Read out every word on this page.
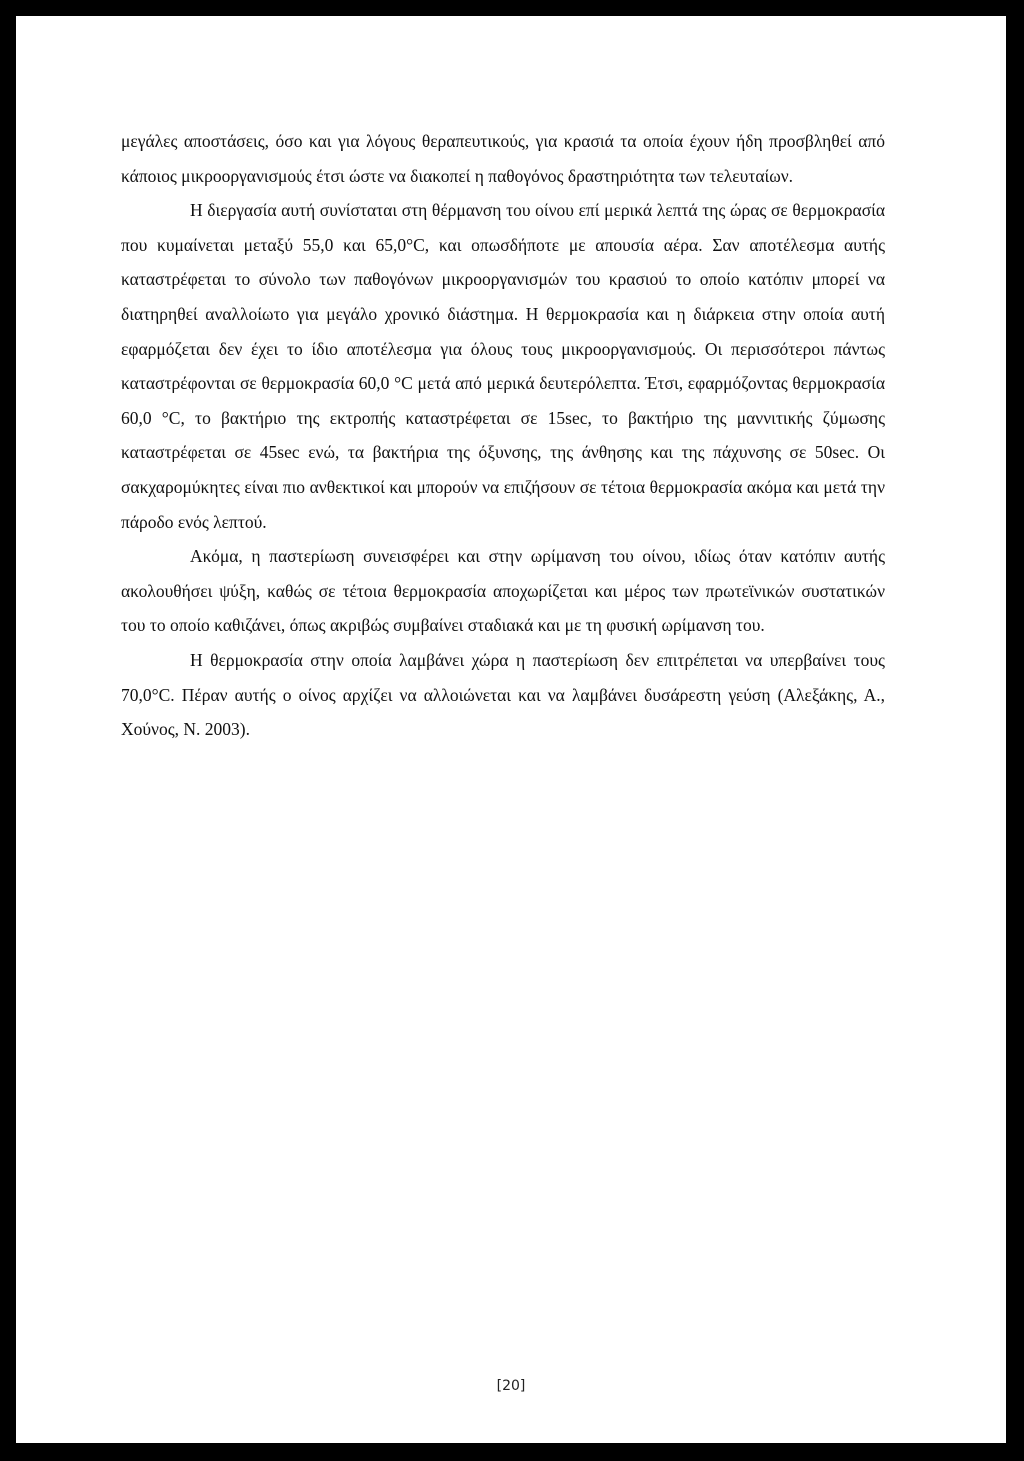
μεγάλες αποστάσεις, όσο και για λόγους θεραπευτικούς, για κρασιά τα οποία έχουν ήδη προσβληθεί από κάποιος μικροοργανισμούς έτσι ώστε να διακοπεί η παθογόνος δραστηριότητα των τελευταίων.

Η διεργασία αυτή συνίσταται στη θέρμανση του οίνου επί μερικά λεπτά της ώρας σε θερμοκρασία που κυμαίνεται μεταξύ 55,0 και 65,0°C, και οπωσδήποτε με απουσία αέρα. Σαν αποτέλεσμα αυτής καταστρέφεται το σύνολο των παθογόνων μικροοργανισμών του κρασιού το οποίο κατόπιν μπορεί να διατηρηθεί αναλλοίωτο για μεγάλο χρονικό διάστημα. Η θερμοκρασία και η διάρκεια στην οποία αυτή εφαρμόζεται δεν έχει το ίδιο αποτέλεσμα για όλους τους μικροοργανισμούς. Οι περισσότεροι πάντως καταστρέφονται σε θερμοκρασία 60,0 °C μετά από μερικά δευτερόλεπτα. Έτσι, εφαρμόζοντας θερμοκρασία 60,0 °C, το βακτήριο της εκτροπής καταστρέφεται σε 15sec, το βακτήριο της μαννιτικής ζύμωσης καταστρέφεται σε 45sec ενώ, τα βακτήρια της όξυνσης, της άνθησης και της πάχυνσης σε 50sec. Οι σακχαρομύκητες είναι πιο ανθεκτικοί και μπορούν να επιζήσουν σε τέτοια θερμοκρασία ακόμα και μετά την πάροδο ενός λεπτού.

Ακόμα, η παστερίωση συνεισφέρει και στην ωρίμανση του οίνου, ιδίως όταν κατόπιν αυτής ακολουθήσει ψύξη, καθώς σε τέτοια θερμοκρασία αποχωρίζεται και μέρος των πρωτεϊνικών συστατικών του το οποίο καθιζάνει, όπως ακριβώς συμβαίνει σταδιακά και με τη φυσική ωρίμανση του.

Η θερμοκρασία στην οποία λαμβάνει χώρα η παστερίωση δεν επιτρέπεται να υπερβαίνει τους 70,0°C. Πέραν αυτής ο οίνος αρχίζει να αλλοιώνεται και να λαμβάνει δυσάρεστη γεύση (Αλεξάκης, Α., Χούνος, Ν. 2003).

[20]
